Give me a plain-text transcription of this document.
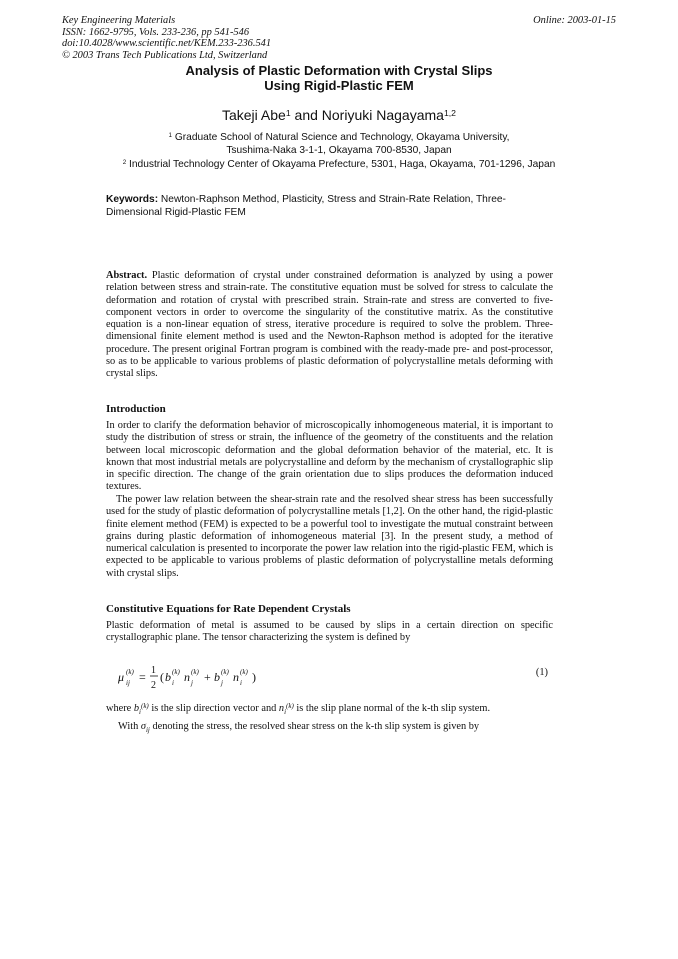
Key Engineering Materials
ISSN: 1662-9795, Vols. 233-236, pp 541-546
doi:10.4028/www.scientific.net/KEM.233-236.541
© 2003 Trans Tech Publications Ltd, Switzerland
Online: 2003-01-15
Analysis of Plastic Deformation with Crystal Slips
Using Rigid-Plastic FEM
Takeji Abe$^1$ and Noriyuki Nagayama$^{1,2}$
$^1$ Graduate School of Natural Science and Technology, Okayama University,
Tsushima-Naka 3-1-1, Okayama 700-8530, Japan
$^2$ Industrial Technology Center of Okayama Prefecture, 5301, Haga, Okayama, 701-1296, Japan
Keywords: Newton-Raphson Method, Plasticity, Stress and Strain-Rate Relation, Three-Dimensional Rigid-Plastic FEM
Abstract. Plastic deformation of crystal under constrained deformation is analyzed by using a power relation between stress and strain-rate. The constitutive equation must be solved for stress to calculate the deformation and rotation of crystal with prescribed strain. Strain-rate and stress are converted to five-component vectors in order to overcome the singularity of the constitutive matrix. As the constitutive equation is a non-linear equation of stress, iterative procedure is required to solve the problem. Three-dimensional finite element method is used and the Newton-Raphson method is adopted for the iterative procedure. The present original Fortran program is combined with the ready-made pre- and post-processor, so as to be applicable to various problems of plastic deformation of polycrystalline metals deforming with crystal slips.
Introduction
In order to clarify the deformation behavior of microscopically inhomogeneous material, it is important to study the distribution of stress or strain, the influence of the geometry of the constituents and the relation between local microscopic deformation and the global deformation behavior of the material, etc. It is known that most industrial metals are polycrystalline and deform by the mechanism of crystallographic slip in specific direction. The change of the grain orientation due to slips produces the deformation induced textures.
The power law relation between the shear-strain rate and the resolved shear stress has been successfully used for the study of plastic deformation of polycrystalline metals [1,2]. On the other hand, the rigid-plastic finite element method (FEM) is expected to be a powerful tool to investigate the mutual constraint between grains during plastic deformation of inhomogeneous material [3]. In the present study, a method of numerical calculation is presented to incorporate the power law relation into the rigid-plastic FEM, which is expected to be applicable to various problems of plastic deformation of polycrystalline metals deforming with crystal slips.
Constitutive Equations for Rate Dependent Crystals
Plastic deformation of metal is assumed to be caused by slips in a certain direction on specific crystallographic plane. The tensor characterizing the system is defined by
μ ij
(k) = 1
2
( b i
(k) n j
(k) + b j
(k) n i
(k) )	(1)
where $b_i^{(k)}$ is the slip direction vector and $n_i^{(k)}$ is the slip plane normal of the k-th slip system.
With $\sigma_{ij}$ denoting the stress, the resolved shear stress on the k-th slip system is given by
